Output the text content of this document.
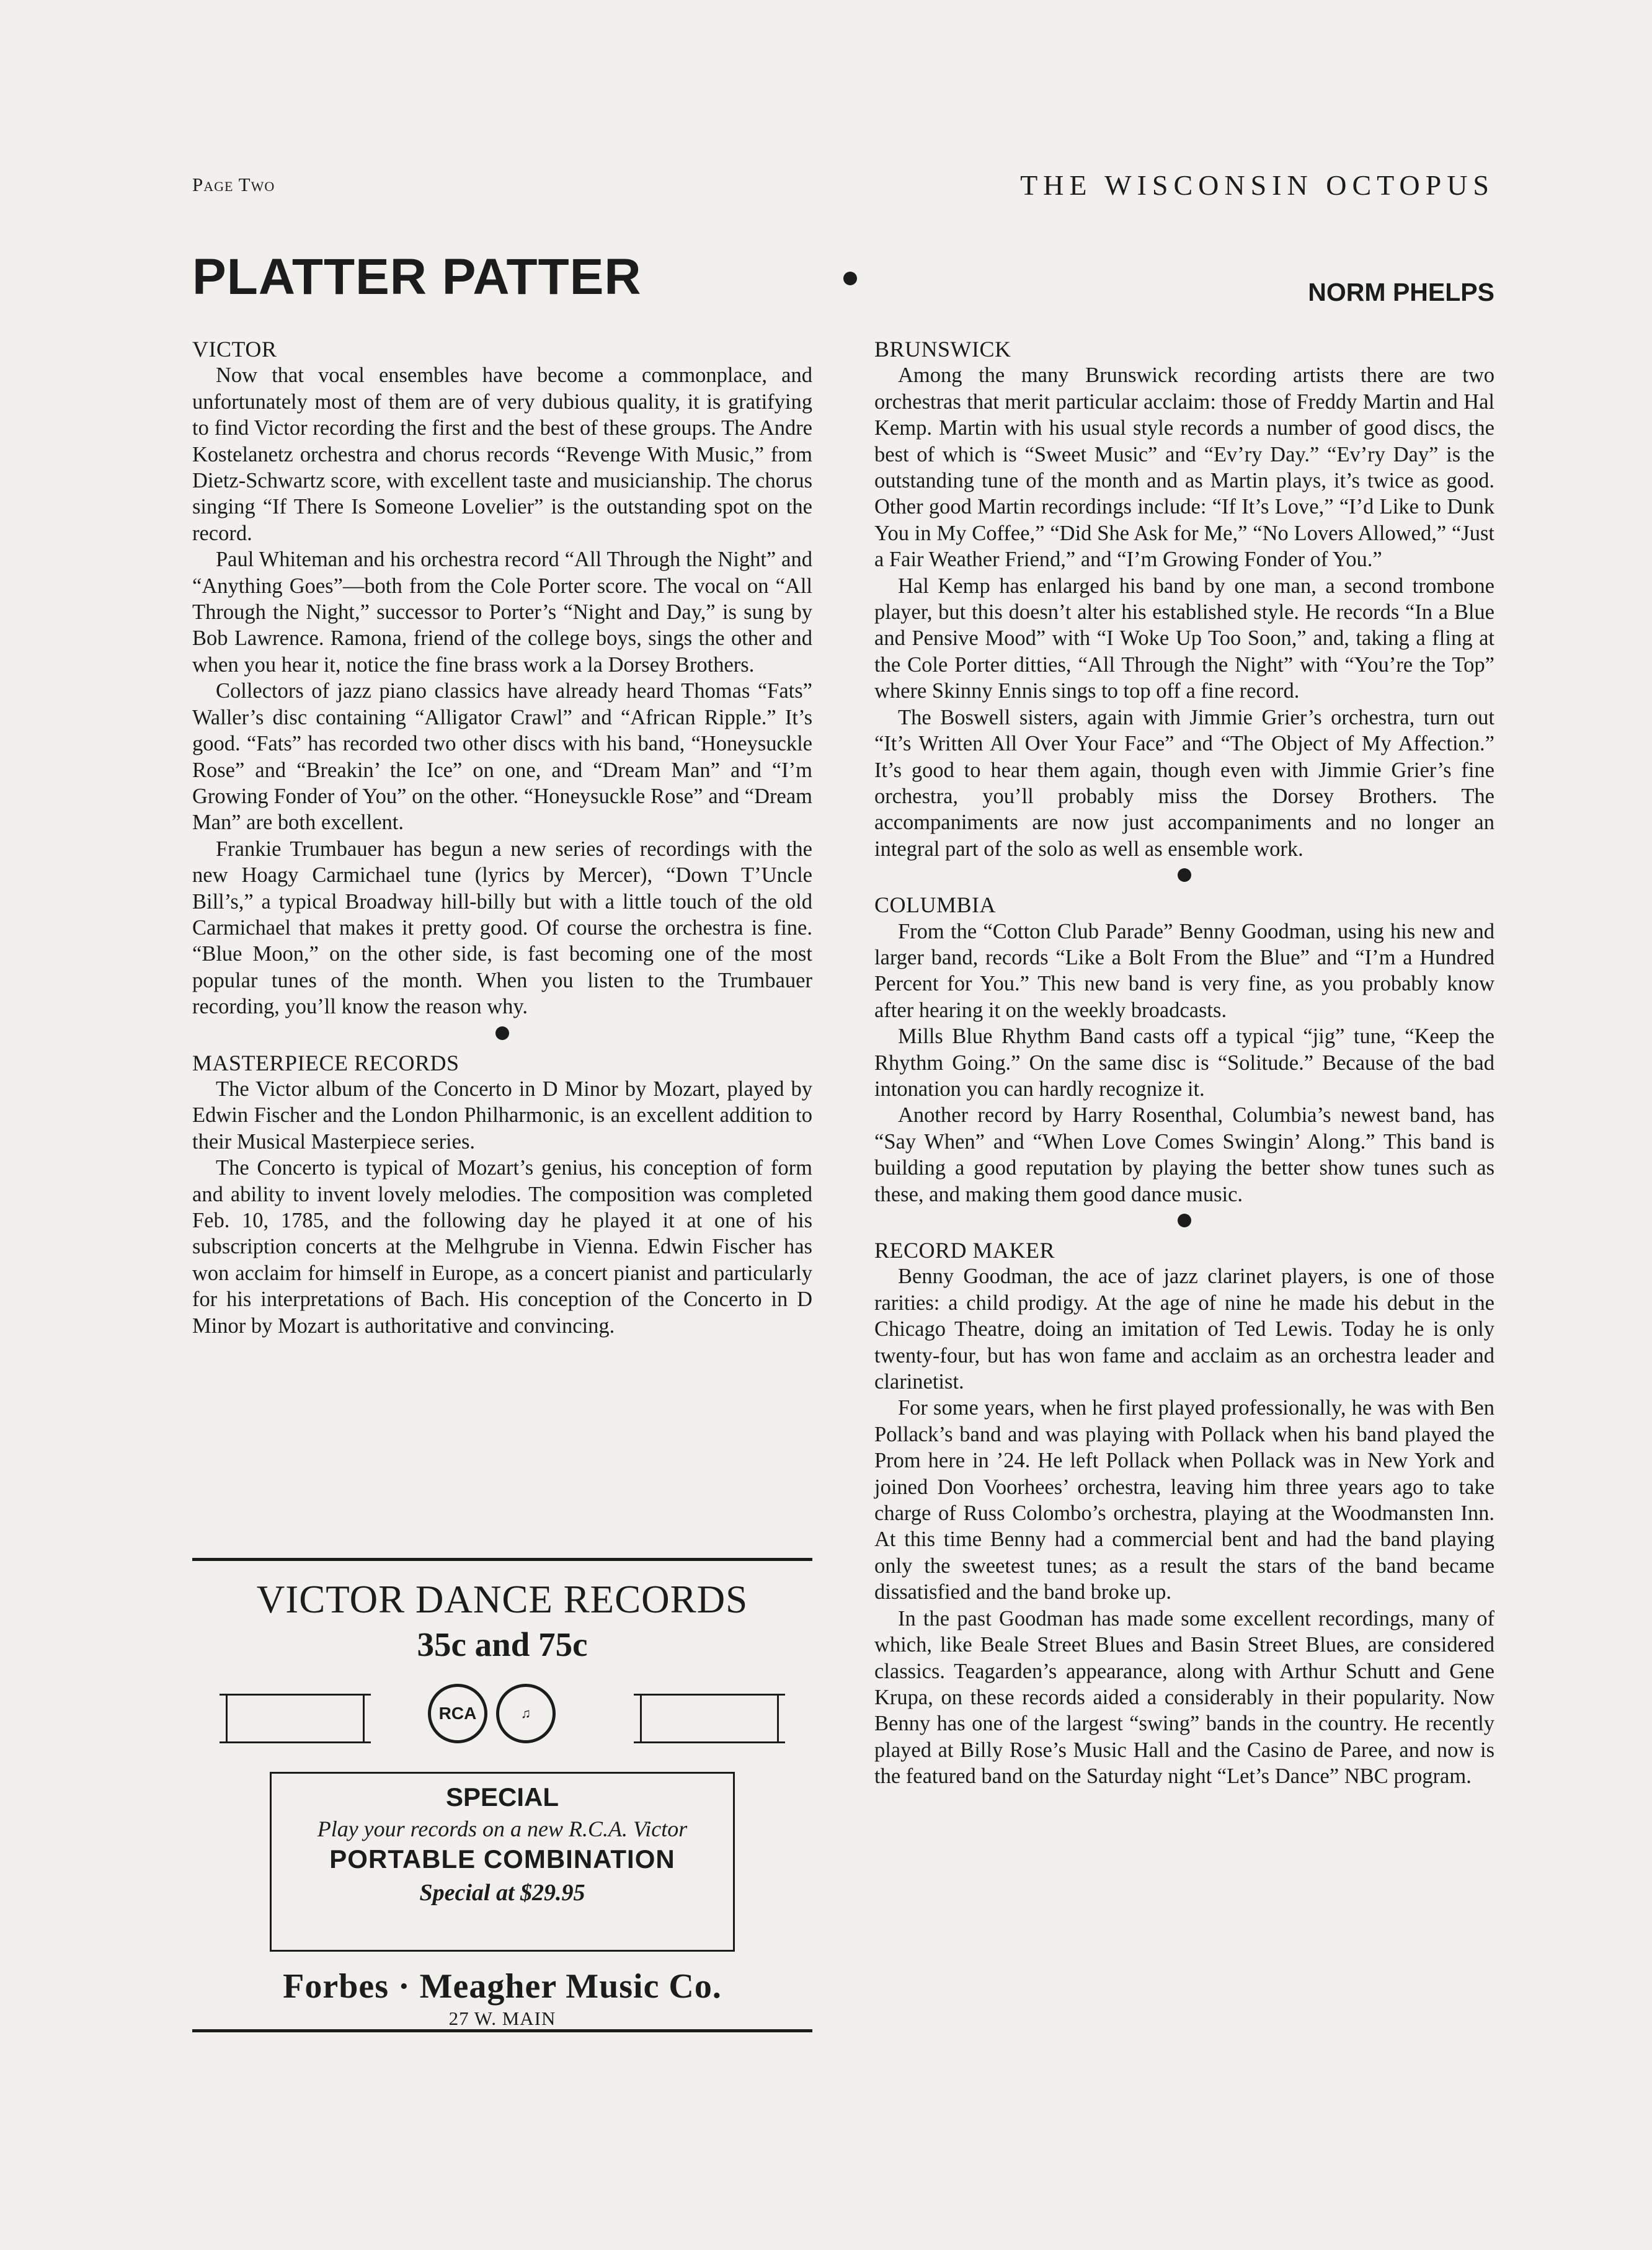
Page Two	THE WISCONSIN OCTOPUS
PLATTER PATTER	NORM PHELPS
VICTOR

Now that vocal ensembles have become a commonplace, and unfortunately most of them are of very dubious quality, it is gratifying to find Victor recording the first and the best of these groups. The Andre Kostelanetz orchestra and chorus records “Revenge With Music,” from Dietz-Schwartz score, with excellent taste and musicianship. The chorus singing “If There Is Someone Lovelier” is the outstanding spot on the record.

Paul Whiteman and his orchestra record “All Through the Night” and “Anything Goes”—both from the Cole Porter score. The vocal on “All Through the Night,” successor to Porter’s “Night and Day,” is sung by Bob Lawrence. Ramona, friend of the college boys, sings the other and when you hear it, notice the fine brass work a la Dorsey Brothers.

Collectors of jazz piano classics have already heard Thomas “Fats” Waller’s disc containing “Alligator Crawl” and “African Ripple.” It’s good. “Fats” has recorded two other discs with his band, “Honeysuckle Rose” and “Breakin’ the Ice” on one, and “Dream Man” and “I’m Growing Fonder of You” on the other. “Honeysuckle Rose” and “Dream Man” are both excellent.

Frankie Trumbauer has begun a new series of recordings with the new Hoagy Carmichael tune (lyrics by Mercer), “Down T’Uncle Bill’s,” a typical Broadway hill-billy but with a little touch of the old Carmichael that makes it pretty good. Of course the orchestra is fine. “Blue Moon,” on the other side, is fast becoming one of the most popular tunes of the month. When you listen to the Trumbauer recording, you’ll know the reason why.

MASTERPIECE RECORDS

The Victor album of the Concerto in D Minor by Mozart, played by Edwin Fischer and the London Philharmonic, is an excellent addition to their Musical Masterpiece series.

The Concerto is typical of Mozart’s genius, his conception of form and ability to invent lovely melodies. The composition was completed Feb. 10, 1785, and the following day he played it at one of his subscription concerts at the Melhgrube in Vienna. Edwin Fischer has won acclaim for himself in Europe, as a concert pianist and particularly for his interpretations of Bach. His conception of the Concerto in D Minor by Mozart is authoritative and convincing.

VICTOR DANCE RECORDS
35c and 75c
RCA	♫
SPECIAL
Play your records on a new R.C.A. Victor
PORTABLE COMBINATION
Special at $29.95
Forbes · Meagher Music Co.
27 W. MAIN
BRUNSWICK

Among the many Brunswick recording artists there are two orchestras that merit particular acclaim: those of Freddy Martin and Hal Kemp. Martin with his usual style records a number of good discs, the best of which is “Sweet Music” and “Ev’ry Day.” “Ev’ry Day” is the outstanding tune of the month and as Martin plays, it’s twice as good. Other good Martin recordings include: “If It’s Love,” “I’d Like to Dunk You in My Coffee,” “Did She Ask for Me,” “No Lovers Allowed,” “Just a Fair Weather Friend,” and “I’m Growing Fonder of You.”

Hal Kemp has enlarged his band by one man, a second trombone player, but this doesn’t alter his established style. He records “In a Blue and Pensive Mood” with “I Woke Up Too Soon,” and, taking a fling at the Cole Porter ditties, “All Through the Night” with “You’re the Top” where Skinny Ennis sings to top off a fine record.

The Boswell sisters, again with Jimmie Grier’s orchestra, turn out “It’s Written All Over Your Face” and “The Object of My Affection.” It’s good to hear them again, though even with Jimmie Grier’s fine orchestra, you’ll probably miss the Dorsey Brothers. The accompaniments are now just accompaniments and no longer an integral part of the solo as well as ensemble work.

COLUMBIA

From the “Cotton Club Parade” Benny Goodman, using his new and larger band, records “Like a Bolt From the Blue” and “I’m a Hundred Percent for You.” This new band is very fine, as you probably know after hearing it on the weekly broadcasts.

Mills Blue Rhythm Band casts off a typical “jig” tune, “Keep the Rhythm Going.” On the same disc is “Solitude.” Because of the bad intonation you can hardly recognize it.

Another record by Harry Rosenthal, Columbia’s newest band, has “Say When” and “When Love Comes Swingin’ Along.” This band is building a good reputation by playing the better show tunes such as these, and making them good dance music.

RECORD MAKER

Benny Goodman, the ace of jazz clarinet players, is one of those rarities: a child prodigy. At the age of nine he made his debut in the Chicago Theatre, doing an imitation of Ted Lewis. Today he is only twenty-four, but has won fame and acclaim as an orchestra leader and clarinetist.

For some years, when he first played professionally, he was with Ben Pollack’s band and was playing with Pollack when his band played the Prom here in ’24. He left Pollack when Pollack was in New York and joined Don Voorhees’ orchestra, leaving him three years ago to take charge of Russ Colombo’s orchestra, playing at the Woodmansten Inn. At this time Benny had a commercial bent and had the band playing only the sweetest tunes; as a result the stars of the band became dissatisfied and the band broke up.

In the past Goodman has made some excellent recordings, many of which, like Beale Street Blues and Basin Street Blues, are considered classics. Teagarden’s appearance, along with Arthur Schutt and Gene Krupa, on these records aided a considerably in their popularity. Now Benny has one of the largest “swing” bands in the country. He recently played at Billy Rose’s Music Hall and the Casino de Paree, and now is the featured band on the Saturday night “Let’s Dance” NBC program.
